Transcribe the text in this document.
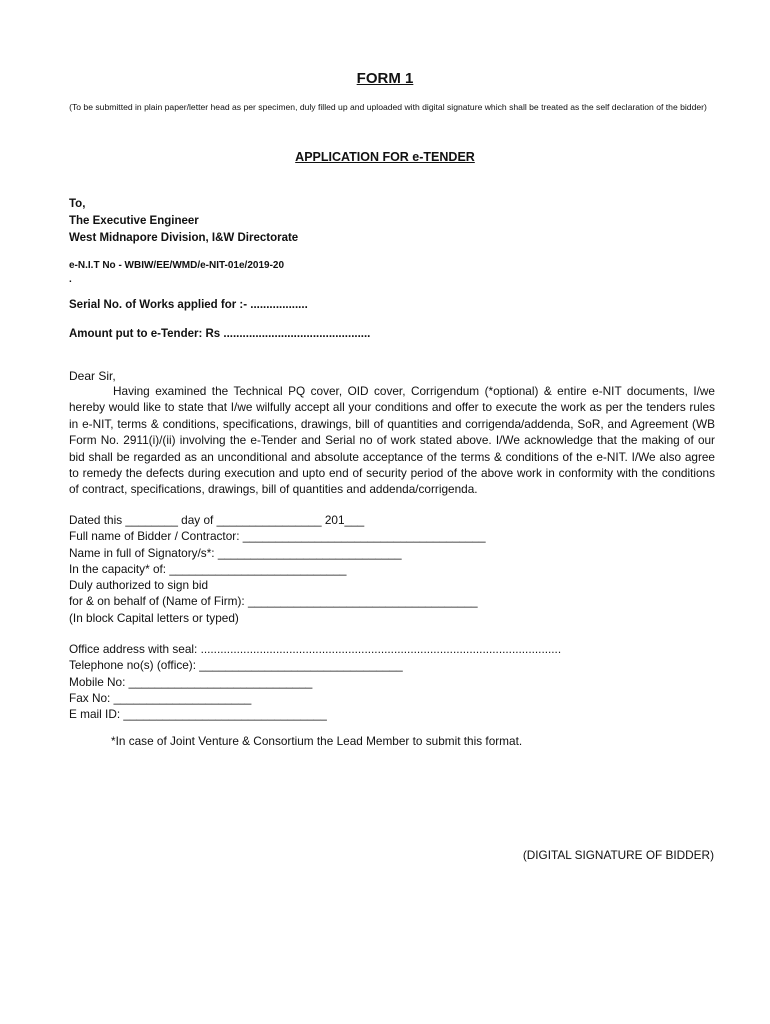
FORM 1
(To be submitted in plain paper/letter head as per specimen, duly filled up and uploaded with digital signature which shall be treated as the self declaration of the bidder)
APPLICATION FOR e-TENDER
To,
The Executive Engineer
West Midnapore Division, I&W Directorate
e-N.I.T No - WBIW/EE/WMD/e-NIT-01e/2019-20
.
Serial No. of Works applied for :- ..................
Amount put to e-Tender: Rs ..............................................
Dear Sir,
Having examined the Technical PQ cover, OID cover, Corrigendum (*optional) & entire e-NIT documents, I/we hereby would like to state that I/we wilfully accept all your conditions and offer to execute the work as per the tenders rules in e-NIT, terms & conditions, specifications, drawings, bill of quantities and corrigenda/addenda, SoR, and Agreement (WB Form No. 2911(i)/(ii) involving the e-Tender and Serial no of work stated above. I/We acknowledge that the making of our bid shall be regarded as an unconditional and absolute acceptance of the terms & conditions of the e-NIT. I/We also agree to remedy the defects during execution and upto end of security period of the above work in conformity with the conditions of contract, specifications, drawings, bill of quantities and addenda/corrigenda.
Dated this ________ day of ________________ 201___
Full name of Bidder / Contractor: _____________________________________
Name in full of Signatory/s*: ____________________________
In the capacity* of: ___________________________
Duly authorized to sign bid
for & on behalf of (Name of Firm): ___________________________________
(In block Capital letters or typed)
Office address with seal: ..............................................................................................................
Telephone no(s) (office): _______________________________
Mobile No: ____________________________
Fax No: _____________________
E mail ID: _______________________________
*In case of Joint Venture & Consortium the Lead Member to submit this format.
(DIGITAL SIGNATURE OF BIDDER)
